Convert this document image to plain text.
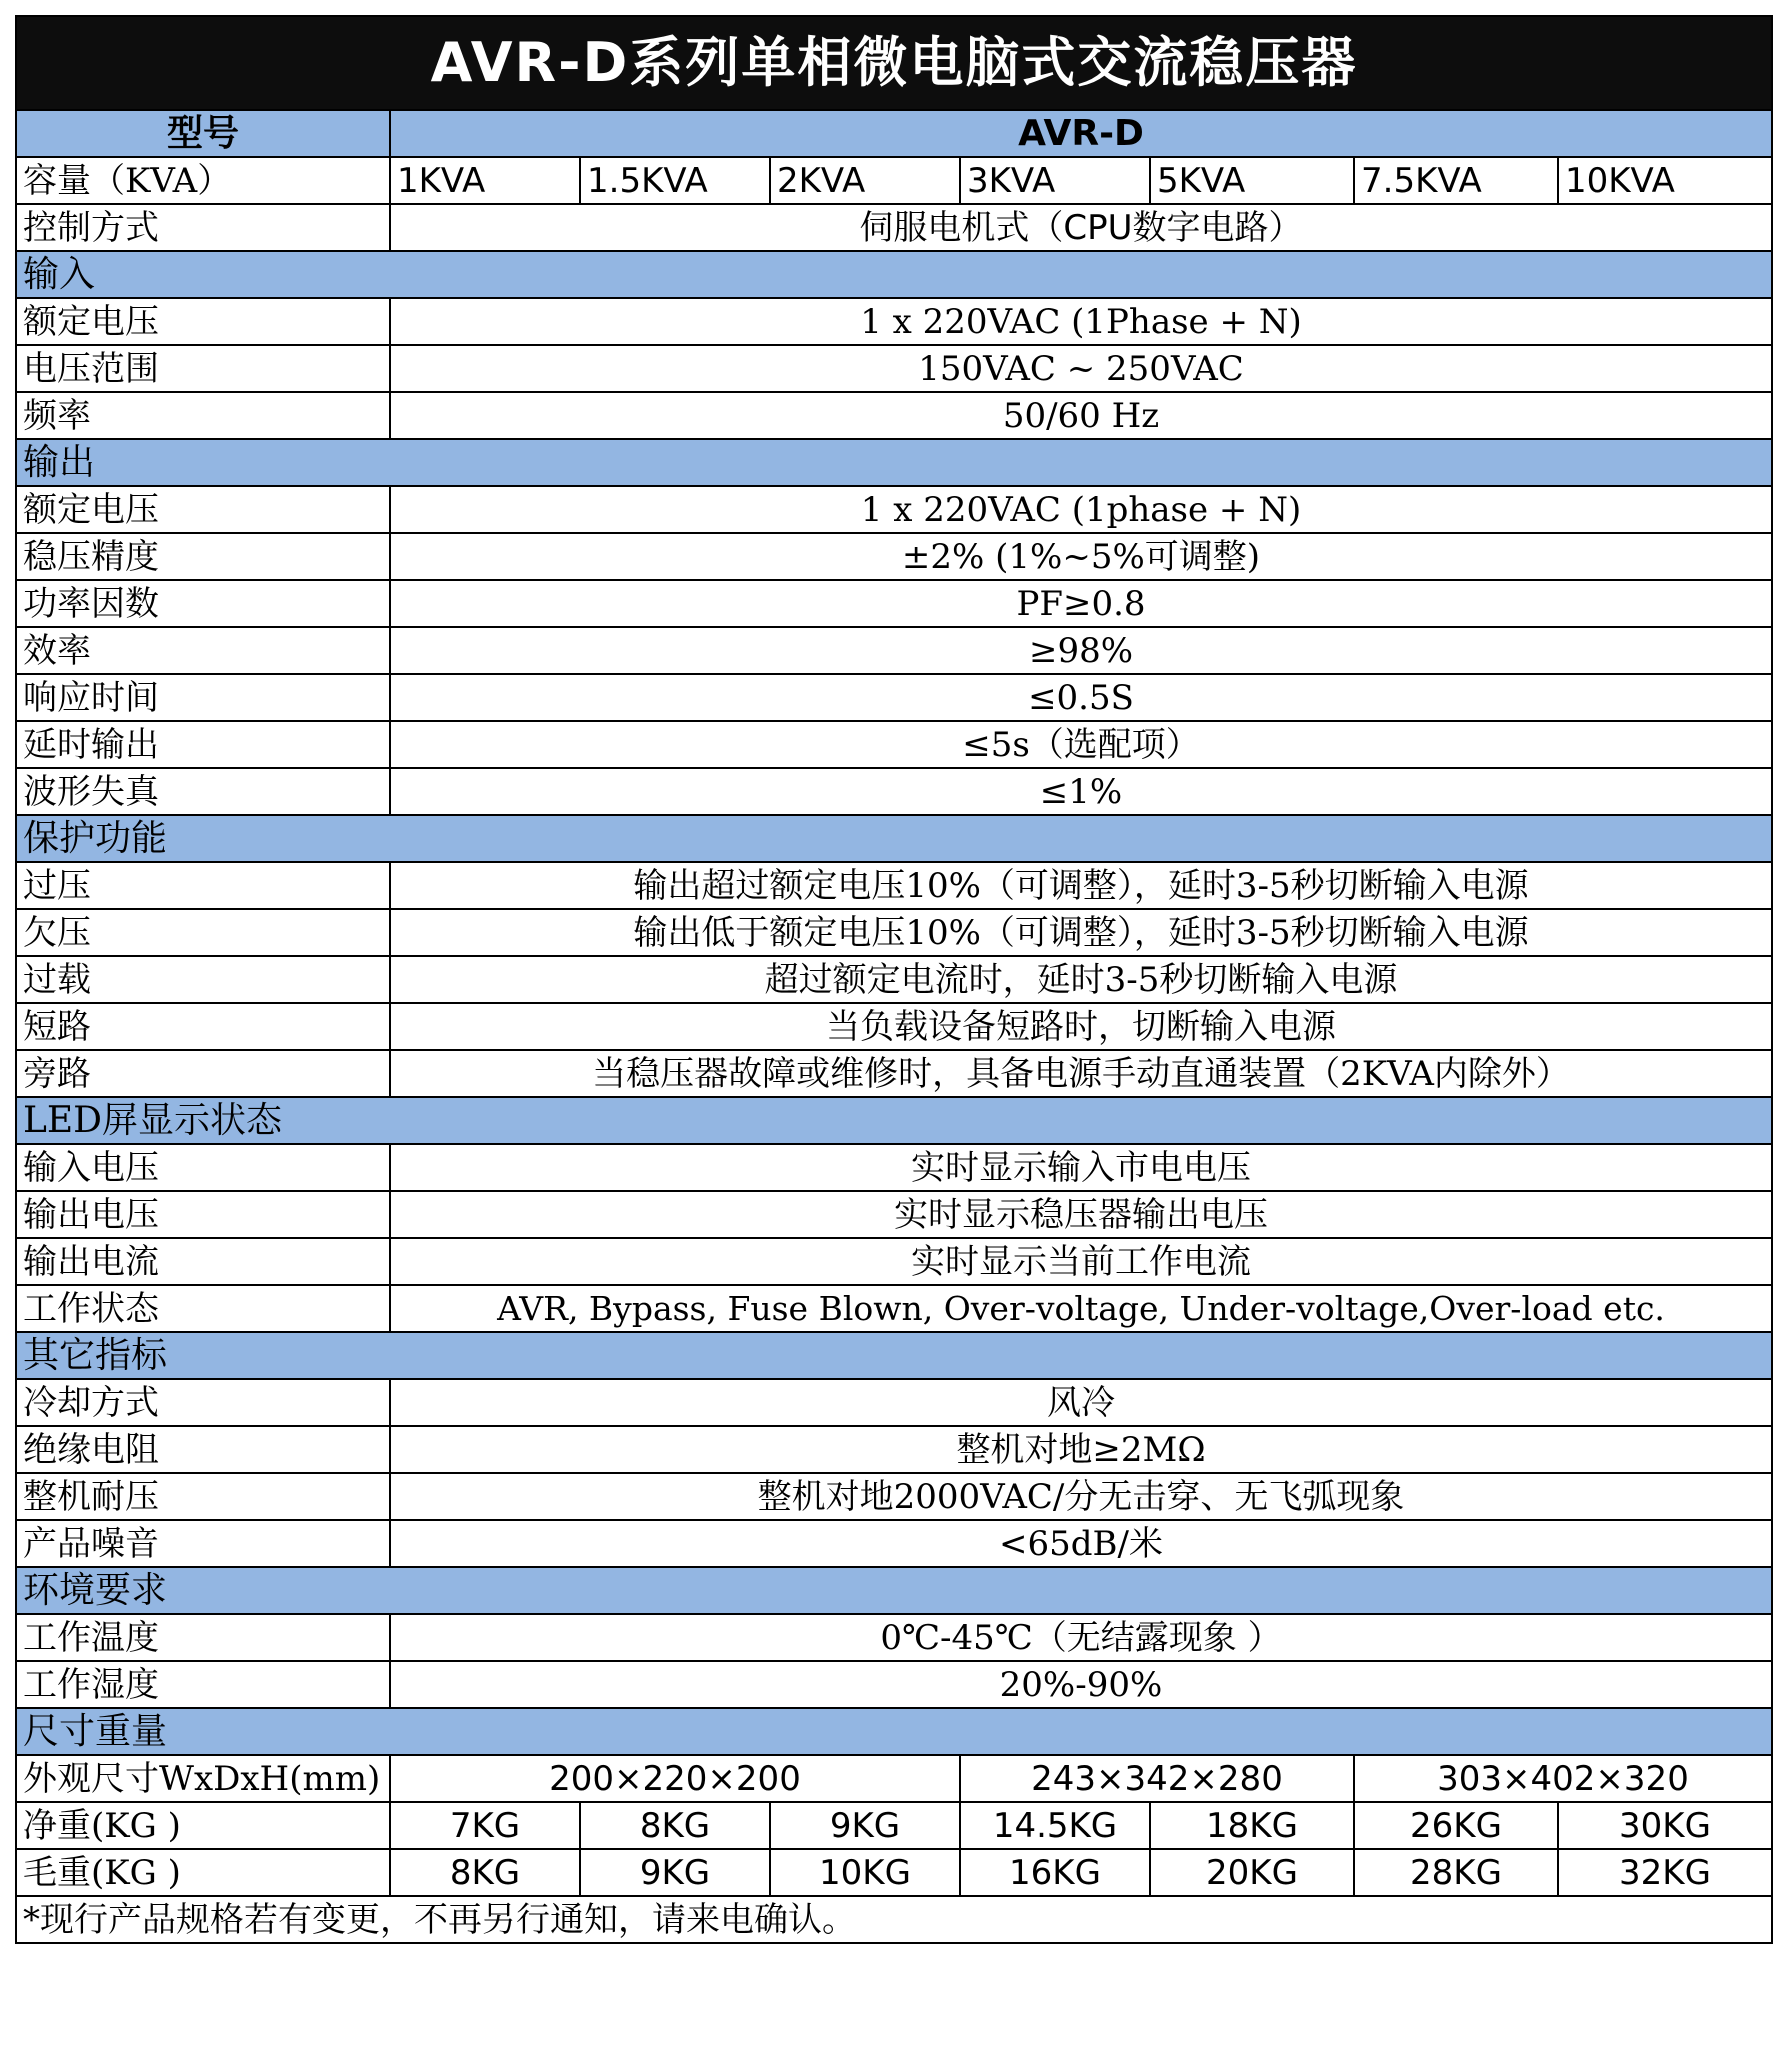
AVR-D系列单相微电脑式交流稳压器							
型号	AVR-D						
容量（KVA）	1KVA	1.5KVA	2KVA	3KVA	5KVA	7.5KVA	10KVA
控制方式	伺服电机式（CPU数字电路）						
输入							
额定电压	1 x 220VAC (1Phase + N)						
电压范围	150VAC ~ 250VAC						
频率	50/60 Hz						
输出							
额定电压	1 x 220VAC (1phase + N)						
稳压精度	±2% (1%~5%可调整)						
功率因数	PF≥0.8						
效率	≥98%						
响应时间	≤0.5S						
延时输出	≤5s（选配项）						
波形失真	≤1%						
保护功能							
过压	输出超过额定电压10%（可调整），延时3-5秒切断输入电源						
欠压	输出低于额定电压10%（可调整），延时3-5秒切断输入电源						
过载	超过额定电流时，延时3-5秒切断输入电源						
短路	当负载设备短路时，切断输入电源						
旁路	当稳压器故障或维修时，具备电源手动直通装置（2KVA内除外）						
LED屏显示状态							
输入电压	实时显示输入市电电压						
输出电压	实时显示稳压器输出电压						
输出电流	实时显示当前工作电流						
工作状态	AVR, Bypass, Fuse Blown, Over-voltage, Under-voltage,Over-load etc.						
其它指标							
冷却方式	风冷						
绝缘电阻	整机对地≥2MΩ						
整机耐压	整机对地2000VAC/分无击穿、无飞弧现象						
产品噪音	<65dB/米						
环境要求							
工作温度	0℃-45℃（无结露现象 ）						
工作湿度	20%-90%						
尺寸重量							
外观尺寸WxDxH(mm)	200×220×200			243×342×280		303×402×320	
净重(KG )	7KG	8KG	9KG	14.5KG	18KG	26KG	30KG
毛重(KG )	8KG	9KG	10KG	16KG	20KG	28KG	32KG
*现行产品规格若有变更，不再另行通知，请来电确认。							
